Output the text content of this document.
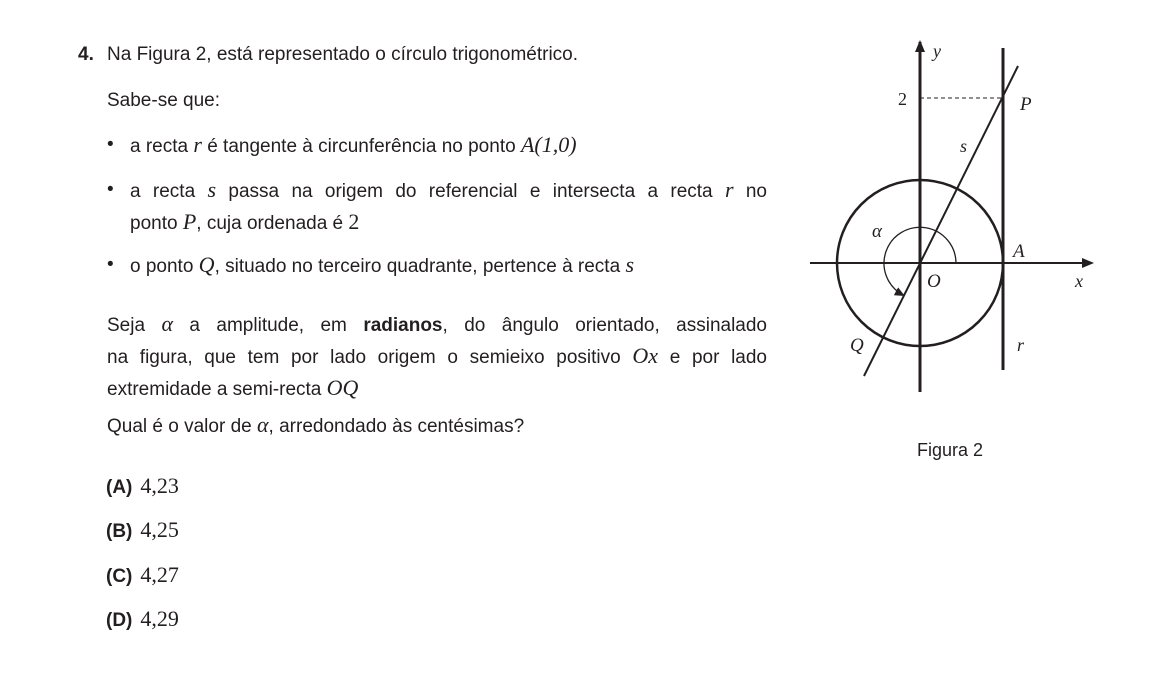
4. Na Figura 2, está representado o círculo trigonométrico.
Sabe-se que:
• a recta r é tangente à circunferência no ponto A(1,0)
• a recta s passa na origem do referencial e intersecta a recta r no
ponto P, cuja ordenada é 2
• o ponto Q, situado no terceiro quadrante, pertence à recta s
Seja α a amplitude, em radianos, do ângulo orientado, assinalado
na figura, que tem por lado origem o semieixo positivo Ox e por lado
extremidade a semi-recta OQ
Qual é o valor de α, arredondado às centésimas?
y
2	P
s
α
A
O	x
Q	r
Figura 2
(A) 4,23
(B) 4,25
(C) 4,27
(D) 4,29
